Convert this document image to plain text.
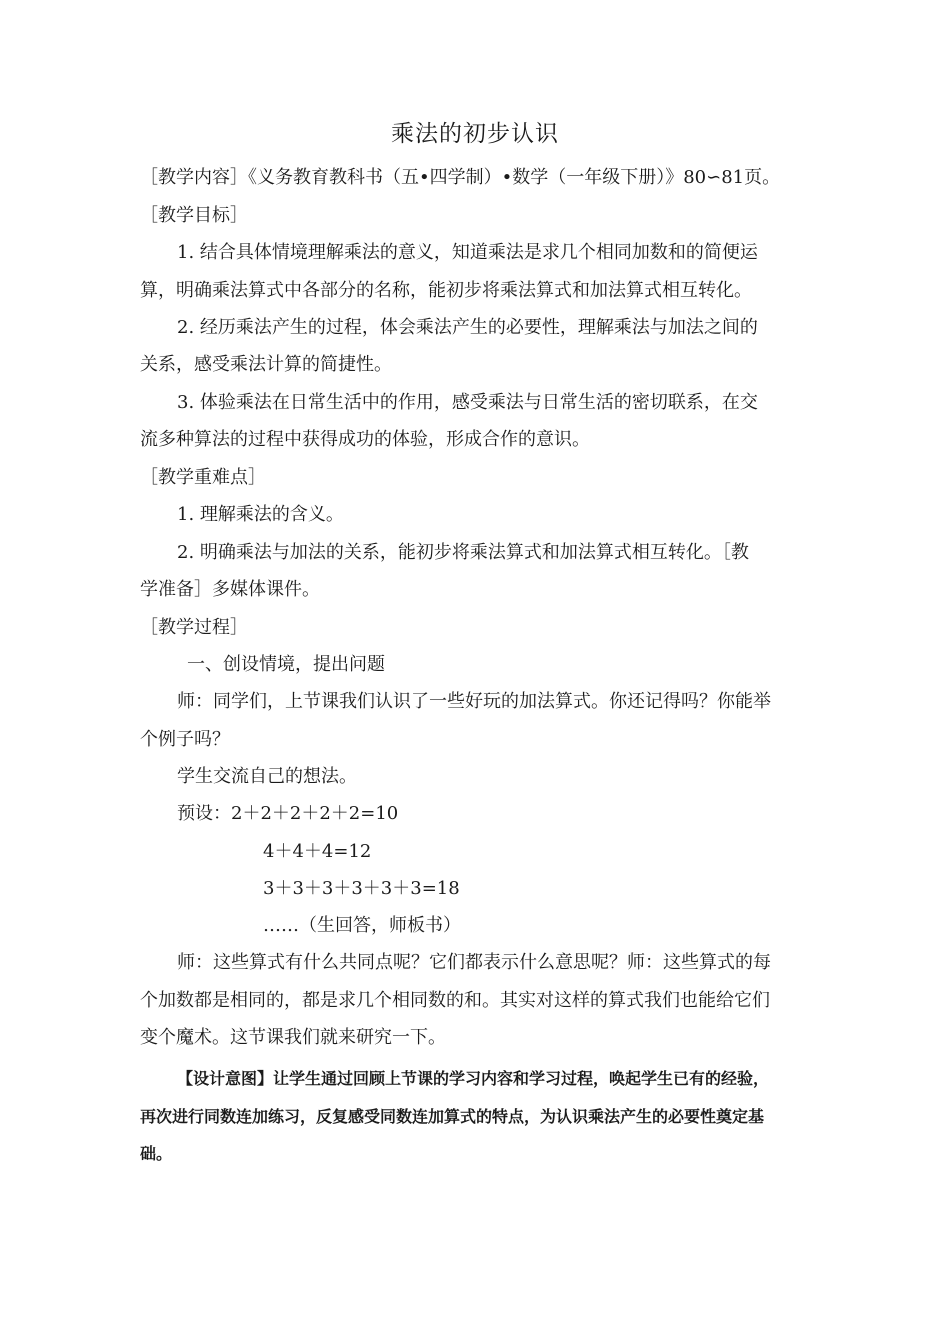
乘法的初步认识
［教学内容］《义务教育教科书（五•四学制）•数学（一年级下册）》80∽81页。
［教学目标］
1. 结合具体情境理解乘法的意义，知道乘法是求几个相同加数和的简便运
算，明确乘法算式中各部分的名称，能初步将乘法算式和加法算式相互转化。
2. 经历乘法产生的过程，体会乘法产生的必要性，理解乘法与加法之间的
关系，感受乘法计算的简捷性。
3. 体验乘法在日常生活中的作用，感受乘法与日常生活的密切联系，在交
流多种算法的过程中获得成功的体验，形成合作的意识。
［教学重难点］
1. 理解乘法的含义。
2. 明确乘法与加法的关系，能初步将乘法算式和加法算式相互转化。［教
学准备］多媒体课件。
［教学过程］
一、创设情境，提出问题
师：同学们，上节课我们认识了一些好玩的加法算式。你还记得吗？你能举
个例子吗？
学生交流自己的想法。
预设：2＋2＋2＋2＋2=10
4＋4＋4=12
3＋3＋3＋3＋3＋3=18
……（生回答，师板书）
师：这些算式有什么共同点呢？它们都表示什么意思呢？师：这些算式的每
个加数都是相同的，都是求几个相同数的和。其实对这样的算式我们也能给它们
变个魔术。这节课我们就来研究一下。
【设计意图】让学生通过回顾上节课的学习内容和学习过程，唤起学生已有的经验，
再次进行同数连加练习，反复感受同数连加算式的特点，为认识乘法产生的必要性奠定基
础。
